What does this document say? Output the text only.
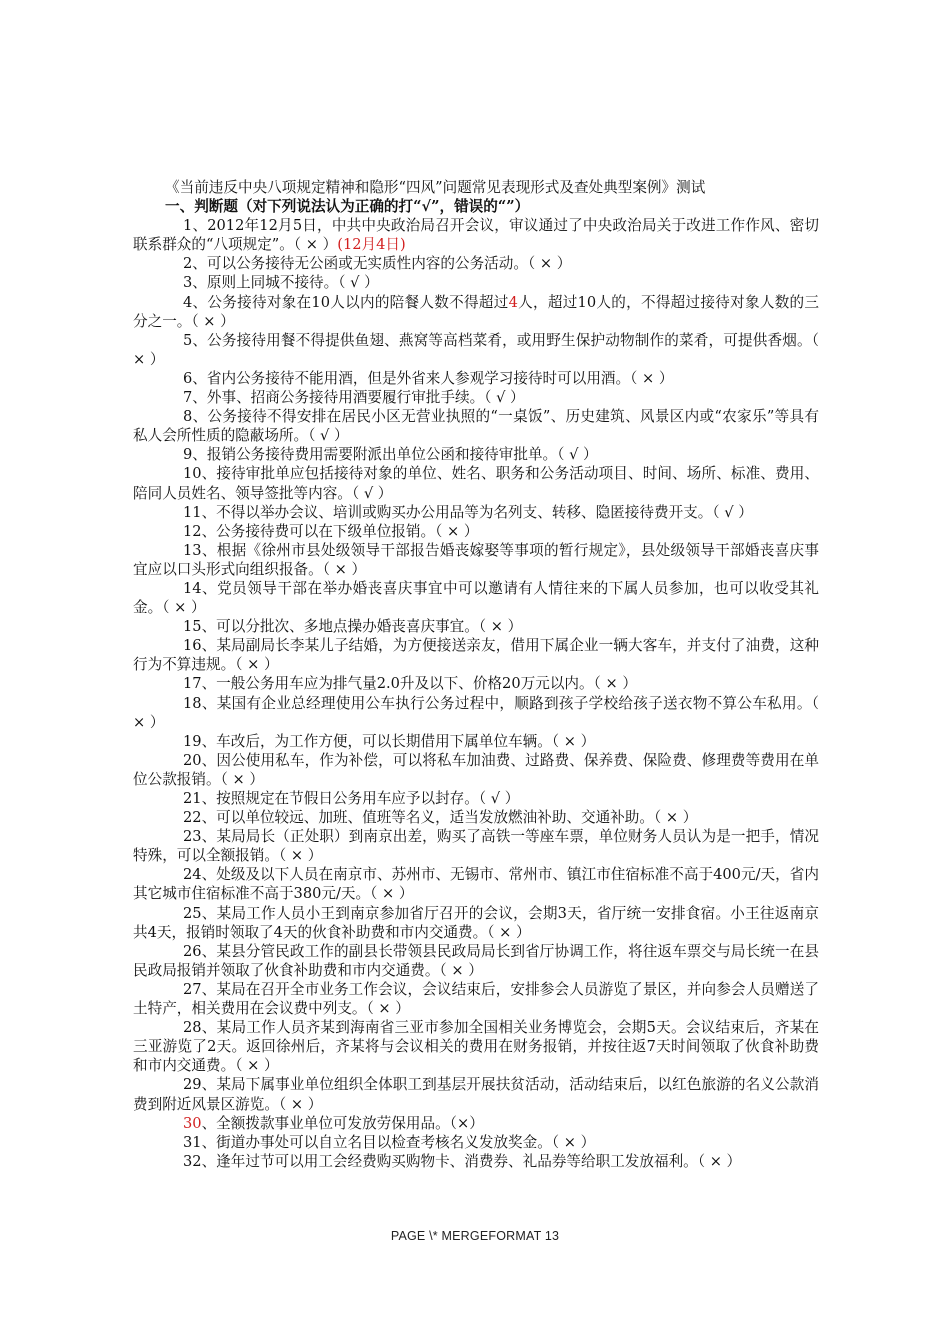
《当前违反中央八项规定精神和隐形“四风”问题常见表现形式及查处典型案例》测试

一、判断题（对下列说法认为正确的打“√”，错误的“”）

1、2012年12月5日，中共中央政治局召开会议，审议通过了中央政治局关于改进工作作风、密切联系群众的“八项规定”。（ × ）(12月4日)

2、可以公务接待无公函或无实质性内容的公务活动。（ × ）

3、原则上同城不接待。（ √ ）

4、公务接待对象在10人以内的陪餐人数不得超过4人，超过10人的，不得超过接待对象人数的三分之一。（ × ）

5、公务接待用餐不得提供鱼翅、燕窝等高档菜肴，或用野生保护动物制作的菜肴，可提供香烟。（ × ）

6、省内公务接待不能用酒，但是外省来人参观学习接待时可以用酒。（ × ）

7、外事、招商公务接待用酒要履行审批手续。（ √ ）

8、公务接待不得安排在居民小区无营业执照的“一桌饭”、历史建筑、风景区内或“农家乐”等具有私人会所性质的隐蔽场所。（ √ ）

9、报销公务接待费用需要附派出单位公函和接待审批单。（ √ ）

10、接待审批单应包括接待对象的单位、姓名、职务和公务活动项目、时间、场所、标准、费用、陪同人员姓名、领导签批等内容。（ √ ）

11、不得以举办会议、培训或购买办公用品等为名列支、转移、隐匿接待费开支。（ √ ）

12、公务接待费可以在下级单位报销。（ × ）

13、根据《徐州市县处级领导干部报告婚丧嫁娶等事项的暂行规定》，县处级领导干部婚丧喜庆事宜应以口头形式向组织报备。（ × ）

14、党员领导干部在举办婚丧喜庆事宜中可以邀请有人情往来的下属人员参加，也可以收受其礼金。（ × ）

15、可以分批次、多地点操办婚丧喜庆事宜。（ × ）

16、某局副局长李某儿子结婚，为方便接送亲友，借用下属企业一辆大客车，并支付了油费，这种行为不算违规。（ × ）

17、一般公务用车应为排气量2.0升及以下、价格20万元以内。（ × ）

18、某国有企业总经理使用公车执行公务过程中，顺路到孩子学校给孩子送衣物不算公车私用。（ × ）

19、车改后，为工作方便，可以长期借用下属单位车辆。（ × ）

20、因公使用私车，作为补偿，可以将私车加油费、过路费、保养费、保险费、修理费等费用在单位公款报销。（ × ）

21、按照规定在节假日公务用车应予以封存。（ √ ）

22、可以单位较远、加班、值班等名义，适当发放燃油补助、交通补助。（ × ）

23、某局局长（正处职）到南京出差，购买了高铁一等座车票，单位财务人员认为是一把手，情况特殊，可以全额报销。（ × ）

24、处级及以下人员在南京市、苏州市、无锡市、常州市、镇江市住宿标准不高于400元/天，省内其它城市住宿标准不高于380元/天。（ × ）

25、某局工作人员小王到南京参加省厅召开的会议，会期3天，省厅统一安排食宿。小王往返南京共4天，报销时领取了4天的伙食补助费和市内交通费。（ × ）

26、某县分管民政工作的副县长带领县民政局局长到省厅协调工作，将往返车票交与局长统一在县民政局报销并领取了伙食补助费和市内交通费。（ × ）

27、某局在召开全市业务工作会议，会议结束后，安排参会人员游览了景区，并向参会人员赠送了土特产，相关费用在会议费中列支。（ × ）

28、某局工作人员齐某到海南省三亚市参加全国相关业务博览会，会期5天。会议结束后，齐某在三亚游览了2天。返回徐州后，齐某将与会议相关的费用在财务报销，并按往返7天时间领取了伙食补助费和市内交通费。（ × ）

29、某局下属事业单位组织全体职工到基层开展扶贫活动，活动结束后，以红色旅游的名义公款消费到附近风景区游览。（ × ）

30、全额拨款事业单位可发放劳保用品。（×）

31、街道办事处可以自立名目以检查考核名义发放奖金。（ × ）

32、逢年过节可以用工会经费购买购物卡、消费券、礼品券等给职工发放福利。（ × ）

PAGE \* MERGEFORMAT 13
